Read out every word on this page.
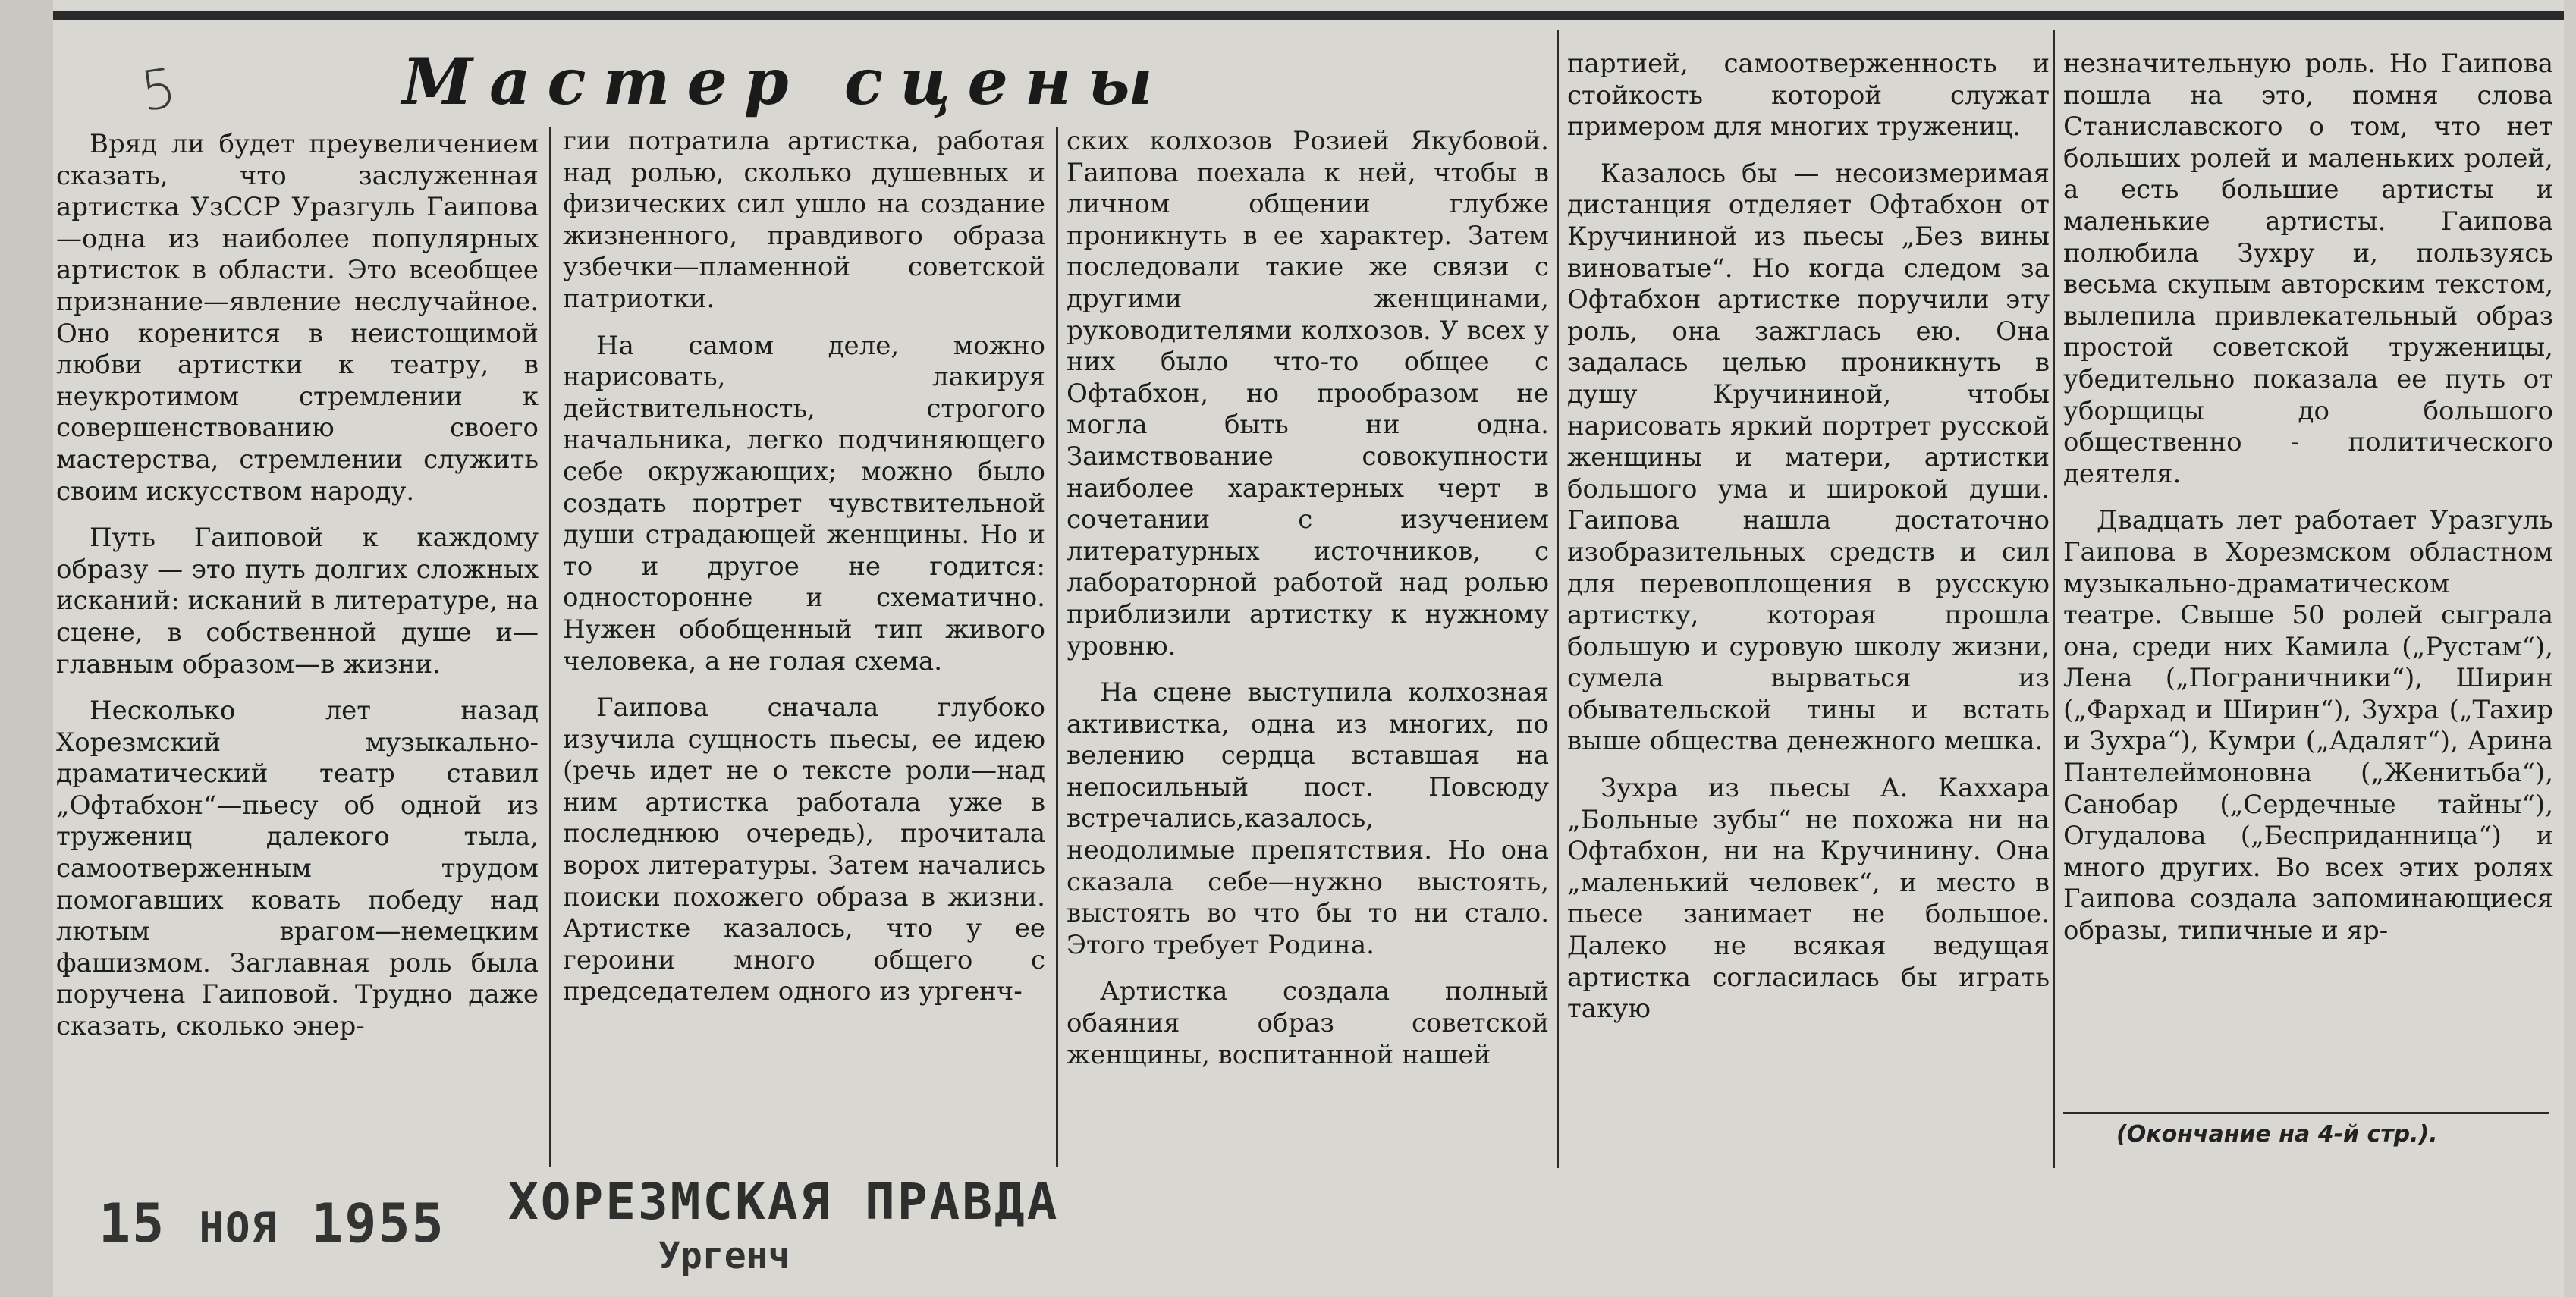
5	Мастер сцены

Вряд ли будет преувеличением сказать, что заслуженная артистка УзССР Уразгуль Гаипова—одна из наиболее популярных артисток в области. Это всеобщее признание—явление неслучайное. Оно коренится в неистощимой любви артистки к театру, в неукротимом стремлении к совершенствованию своего мастерства, стремлении служить своим искусством народу.

Путь Гаиповой к каждому образу — это путь долгих сложных исканий: исканий в литературе, на сцене, в собственной душе и—главным образом—в жизни.

Несколько лет назад Хорезмский музыкально-драматический театр ставил „Офтабхон“—пьесу об одной из тружениц далекого тыла, самоотверженным трудом помогавших ковать победу над лютым врагом—немецким фашизмом. Заглавная роль была поручена Гаиповой. Трудно даже сказать, сколько энер-

гии потратила артистка, работая над ролью, сколько душевных и физических сил ушло на создание жизненного, правдивого образа узбечки—пламенной советской патриотки.

На самом деле, можно нарисовать, лакируя действительность, строгого начальника, легко подчиняющего себе окружающих; можно было создать портрет чувствительной души страдающей женщины. Но и то и другое не годится: односторонне и схематично. Нужен обобщенный тип живого человека, а не голая схема.

Гаипова сначала глубоко изучила сущность пьесы, ее идею (речь идет не о тексте роли—над ним артистка работала уже в последнюю очередь), прочитала ворох литературы. Затем начались поиски похожего образа в жизни. Артистке казалось, что у ее героини много общего с председателем одного из ургенч-

ских колхозов Розией Якубовой. Гаипова поехала к ней, чтобы в личном общении глубже проникнуть в ее характер. Затем последовали такие же связи с другими женщинами, руководителями колхозов. У всех у них было что-то общее с Офтабхон, но прообразом не могла быть ни одна. Заимствование совокупности наиболее характерных черт в сочетании с изучением литературных источников, с лабораторной работой над ролью приблизили артистку к нужному уровню.

На сцене выступила колхозная активистка, одна из многих, по велению сердца вставшая на непосильный пост. Повсюду встречались,казалось, неодолимые препятствия. Но она сказала себе—нужно выстоять, выстоять во что бы то ни стало. Этого требует Родина.

Артистка создала полный обаяния образ советской женщины, воспитанной нашей

партией, самоотверженность и стойкость которой служат примером для многих тружениц.

Казалось бы — несоизмеримая дистанция отделяет Офтабхон от Кручининой из пьесы „Без вины виноватые“. Но когда следом за Офтабхон артистке поручили эту роль, она зажглась ею. Она задалась целью проникнуть в душу Кручининой, чтобы нарисовать яркий портрет русской женщины и матери, артистки большого ума и широкой души. Гаипова нашла достаточно изобразительных средств и сил для перевоплощения в русскую артистку, которая прошла большую и суровую школу жизни, сумела вырваться из обывательской тины и встать выше общества денежного мешка.

Зухра из пьесы А. Каххара „Больные зубы“ не похожа ни на Офтабхон, ни на Кручинину. Она „маленький человек“, и место в пьесе занимает не большое. Далеко не всякая ведущая артистка согласилась бы играть такую

незначительную роль. Но Гаипова пошла на это, помня слова Станиславского о том, что нет больших ролей и маленьких ролей, а есть большие артисты и маленькие артисты. Гаипова полюбила Зухру и, пользуясь весьма скупым авторским текстом, вылепила привлекательный образ простой советской труженицы, убедительно показала ее путь от уборщицы до большого общественно - политического деятеля.

Двадцать лет работает Уразгуль Гаипова в Хорезмском областном музыкально-драматическом театре. Свыше 50 ролей сыграла она, среди них Камила („Рустам“), Лена („Пограничники“), Ширин („Фархад и Ширин“), Зухра („Тахир и Зухра“), Кумри („Адалят“), Арина Пантелеймоновна („Женитьба“), Санобар („Сердечные тайны“), Огудалова („Бесприданница“) и много других. Во всех этих ролях Гаипова создала запоминающиеся образы, типичные и яр-

(Окончание на 4-й стр.).
15 НОЯ 1955 ХОРЕЗМСКАЯ ПРАВДА
Ургенч
